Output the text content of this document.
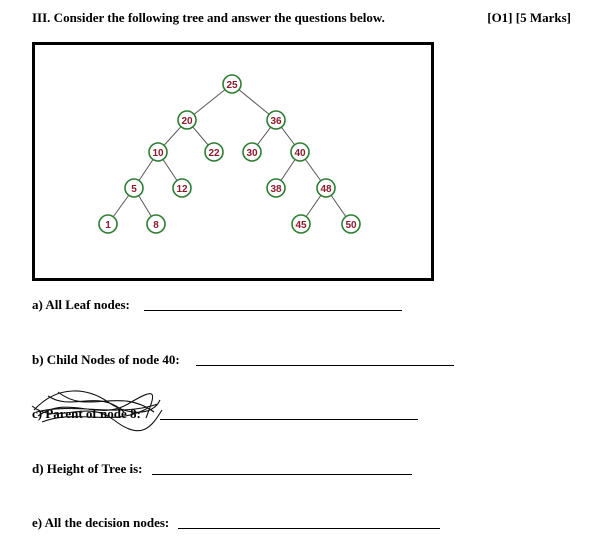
III. Consider the following tree and answer the questions below.	[O1] [5 Marks]
25
20	36
10	22	30	40
5	12	38	48
1	8	45	50
a) All Leaf nodes:
b) Child Nodes of node 40:
c) Parent of node 8:
d) Height of Tree is:
e) All the decision nodes:
